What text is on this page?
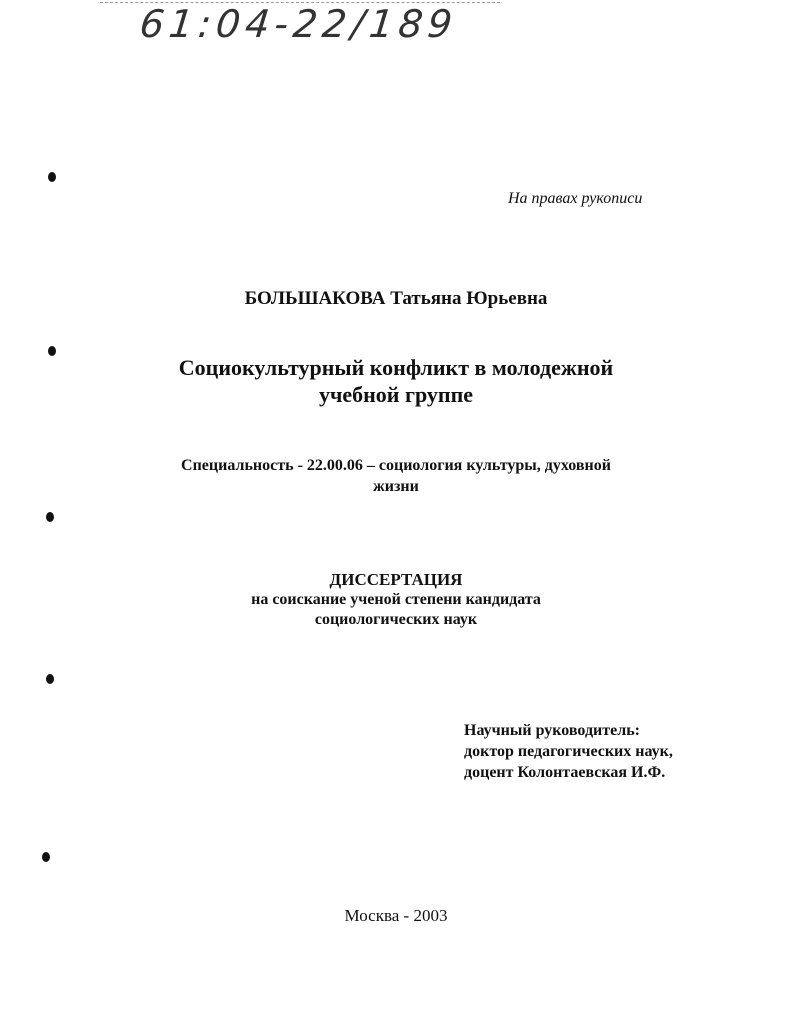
61:04-22/189
На правах рукописи
БОЛЬШАКОВА Татьяна Юрьевна
Социокультурный конфликт в молодежной
учебной группе
Специальность - 22.00.06 – социология культуры, духовной
жизни
ДИССЕРТАЦИЯ
на соискание ученой степени кандидата
социологических наук
Научный руководитель:
доктор педагогических наук,
доцент Колонтаевская И.Ф.
Москва - 2003
